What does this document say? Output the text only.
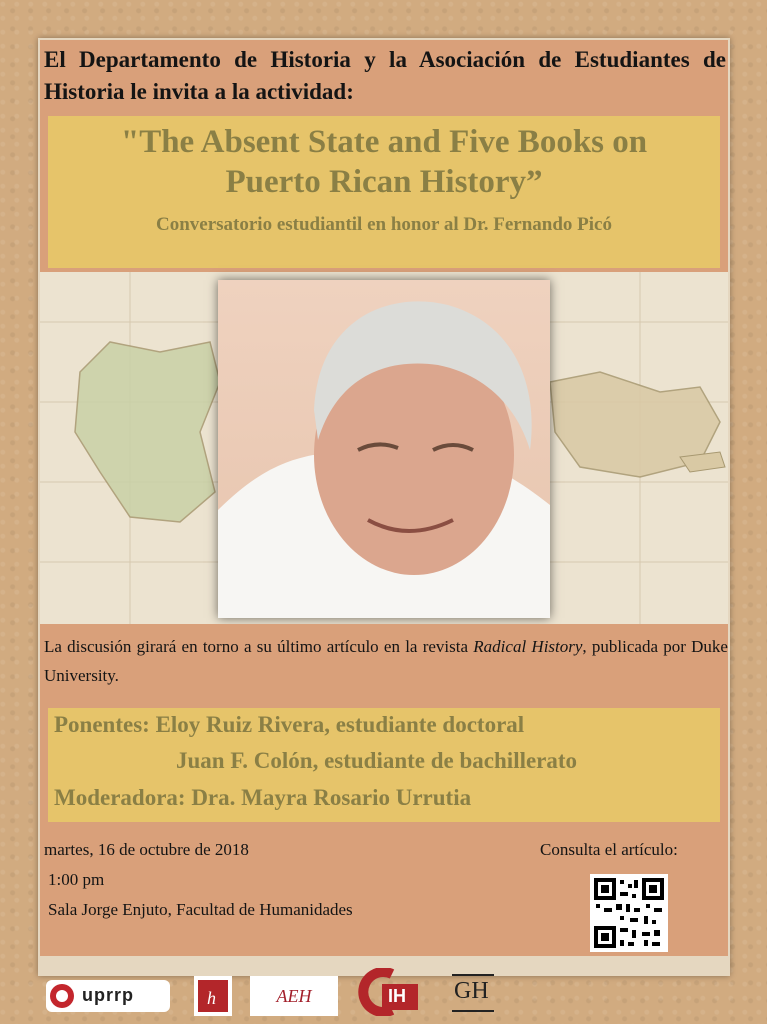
El Departamento de Historia y la Asociación de Estudiantes de Historia le invita a la actividad:
"The Absent State and Five Books on
Puerto Rican History”
Conversatorio estudiantil en honor al Dr. Fernando Picó
La discusión girará en torno a su último artículo en la revista Radical History, publicada por Duke University.
Ponentes: Eloy Ruiz Rivera, estudiante doctoral
Juan F. Colón, estudiante de bachillerato
Moderadora: Dra. Mayra Rosario Urrutia
martes, 16 de octubre de 2018
1:00 pm
Sala Jorge Enjuto, Facultad de Humanidades
Consulta el artículo:
uprrp	h	AEH	IH GH
